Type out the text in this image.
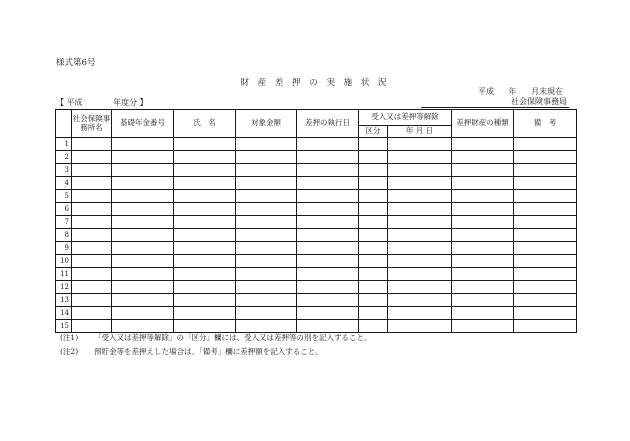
様式第6号
財 産 差 押 の 実 施 状 況
平成 年 月末現在
【 平成	年度分 】	社会保険事務局
	社会保険事務所名	基礎年金番号	氏　名	対象金額	差押の執行日	受入又は差押等解除		差押財産の種類	備　考
						区分	年 月 日		
1									
2									
3									
4									
5									
6									
7									
8									
9									
10									
11									
12									
13									
14									
15									
(注1) 「受入又は差押等解除」の「区分」欄には、受入又は差押等の別を記入すること。
(注2) 預貯金等を差押えした場合は、「備考」欄に差押額を記入すること。
